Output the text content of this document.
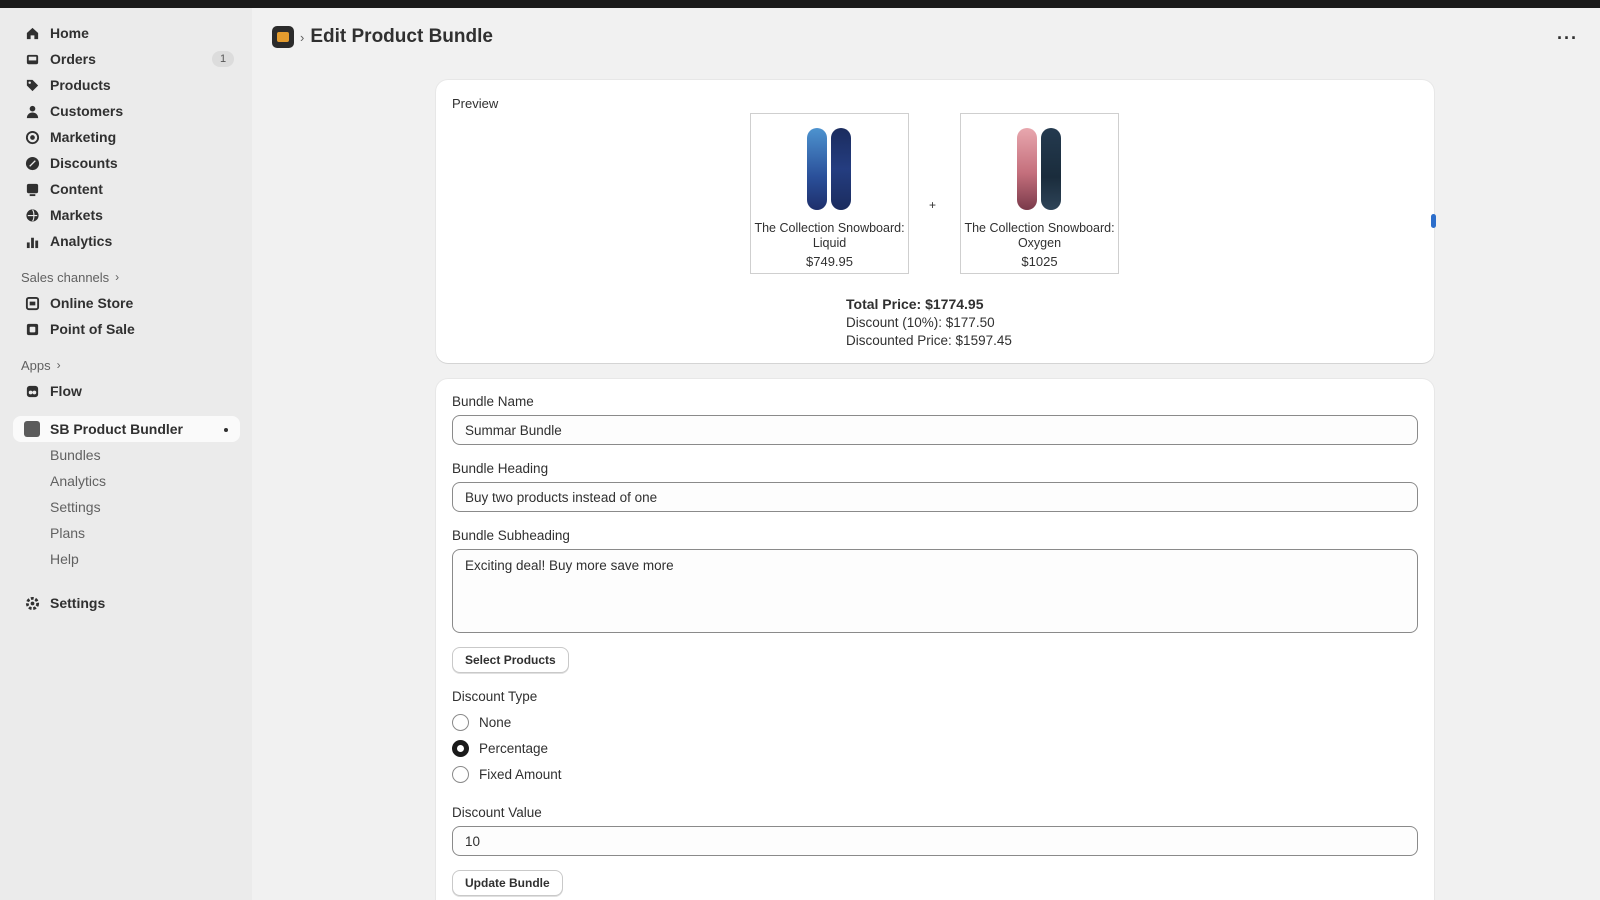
Home
Orders	1
Products
Customers
Marketing
Discounts
Content
Markets
Analytics
Sales channels ›
Online Store
Point of Sale
Apps ›
Flow
SB Product Bundler
Bundles
Analytics
Settings
Plans
Help
Settings
› Edit Product Bundle	···
Preview
The Collection Snowboard: Liquid
$749.95
+
The Collection Snowboard: Oxygen
$1025
Total Price: $1774.95
Discount (10%): $177.50
Discounted Price: $1597.45
Bundle Name
Summar Bundle
Bundle Heading
Buy two products instead of one
Bundle Subheading
Exciting deal! Buy more save more
Select Products
Discount Type
None
Percentage
Fixed Amount
Discount Value
10
Update Bundle
